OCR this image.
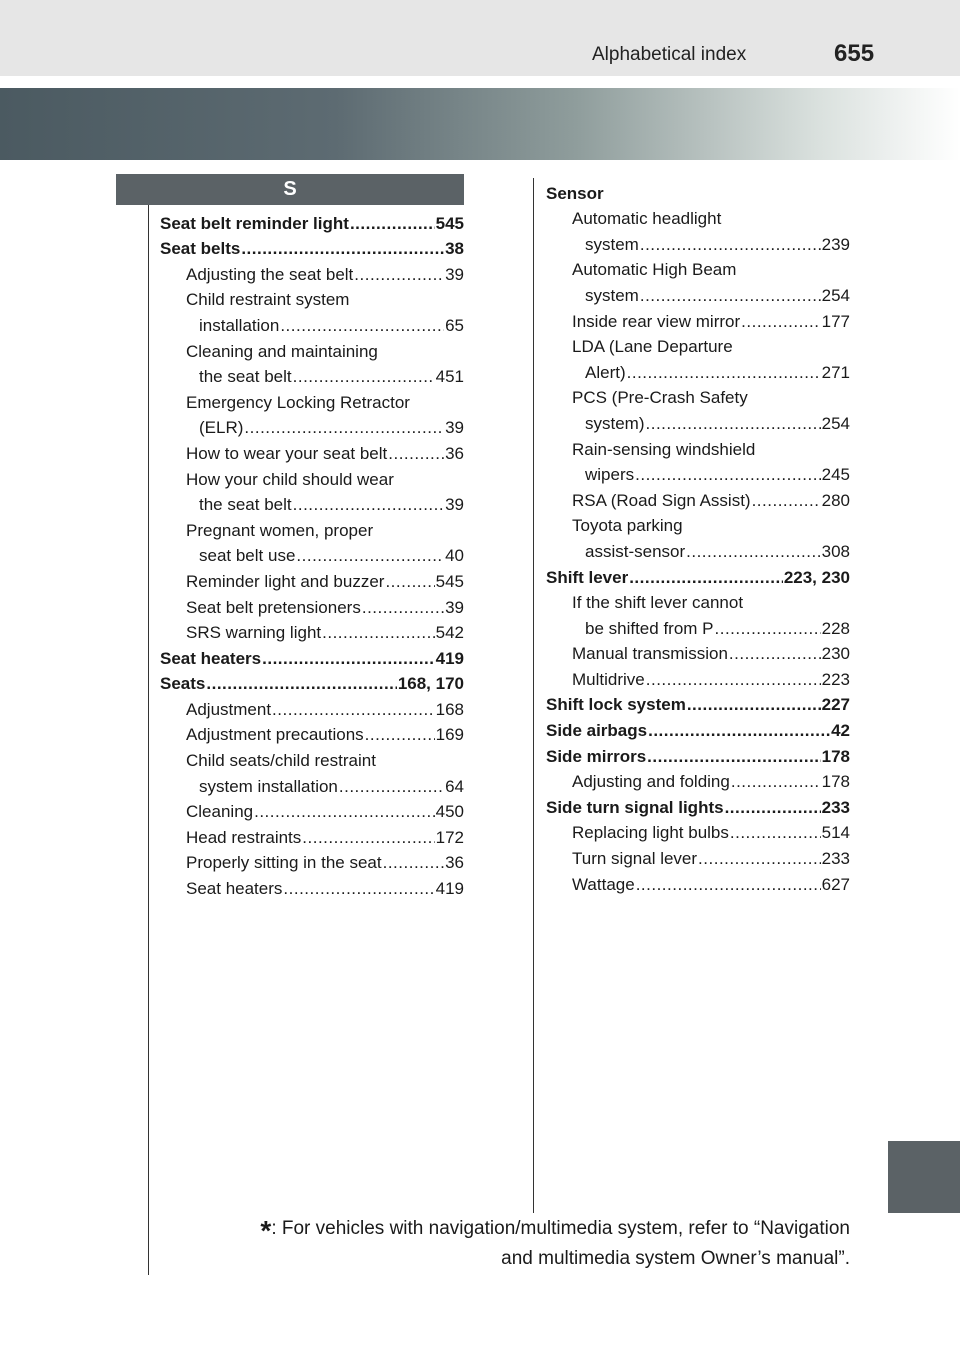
Alphabetical index	655
S
Seat belt reminder light .....	545
Seat belts .....	38
Adjusting the seat belt .....	39
Child restraint system
installation .....	65
Cleaning and maintaining
the seat belt .....	451
Emergency Locking Retractor
(ELR) .....	39
How to wear your seat belt .....	36
How your child should wear
the seat belt .....	39
Pregnant women, proper
seat belt use .....	40
Reminder light and buzzer .....	545
Seat belt pretensioners .....	39
SRS warning light .....	542
Seat heaters .....	419
Seats .....	168, 170
Adjustment .....	168
Adjustment precautions .....	169
Child seats/child restraint
system installation .....	64
Cleaning .....	450
Head restraints .....	172
Properly sitting in the seat .....	36
Seat heaters .....	419
Sensor
Automatic headlight
system .....	239
Automatic High Beam
system .....	254
Inside rear view mirror .....	177
LDA (Lane Departure
Alert) .....	271
PCS (Pre-Crash Safety
system) .....	254
Rain-sensing windshield
wipers .....	245
RSA (Road Sign Assist) .....	280
Toyota parking
assist-sensor .....	308
Shift lever .....	223, 230
If the shift lever cannot
be shifted from P .....	228
Manual transmission .....	230
Multidrive .....	223
Shift lock system .....	227
Side airbags .....	42
Side mirrors .....	178
Adjusting and folding .....	178
Side turn signal lights .....	233
Replacing light bulbs .....	514
Turn signal lever .....	233
Wattage .....	627
*: For vehicles with navigation/multimedia system, refer to “Navigation
and multimedia system Owner’s manual”.
